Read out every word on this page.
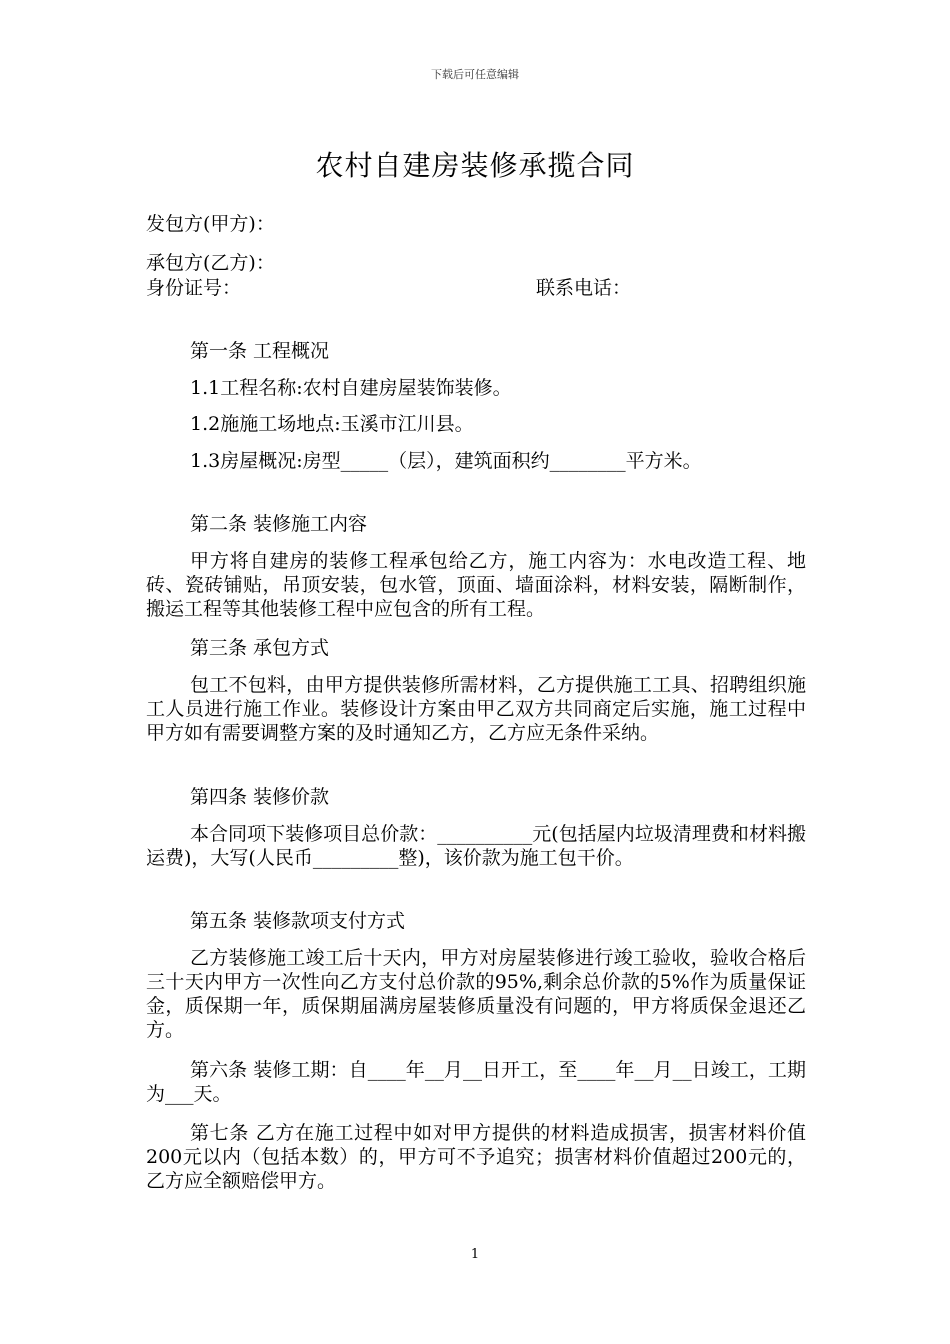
下载后可任意编辑
农村自建房装修承揽合同
发包方(甲方)：
承包方(乙方)：
身份证号：	联系电话：
第一条 工程概况
1.1工程名称:农村自建房屋装饰装修。
1.2施施工场地点:玉溪市江川县。
1.3房屋概况:房型_____（层），建筑面积约________平方米。
第二条 装修施工内容
甲方将自建房的装修工程承包给乙方，施工内容为：水电改造工程、地砖、瓷砖铺贴，吊顶安装，包水管，顶面、墙面涂料，材料安装，隔断制作，搬运工程等其他装修工程中应包含的所有工程。
第三条 承包方式
包工不包料，由甲方提供装修所需材料，乙方提供施工工具、招聘组织施工人员进行施工作业。装修设计方案由甲乙双方共同商定后实施，施工过程中甲方如有需要调整方案的及时通知乙方，乙方应无条件采纳。
第四条 装修价款
本合同项下装修项目总价款：__________元(包括屋内垃圾清理费和材料搬运费)，大写(人民币_________整)，该价款为施工包干价。
第五条 装修款项支付方式
乙方装修施工竣工后十天内，甲方对房屋装修进行竣工验收，验收合格后三十天内甲方一次性向乙方支付总价款的95%,剩余总价款的5%作为质量保证金，质保期一年，质保期届满房屋装修质量没有问题的，甲方将质保金退还乙方。
第六条 装修工期：自____年__月__日开工，至____年__月__日竣工，工期为___天。
第七条 乙方在施工过程中如对甲方提供的材料造成损害，损害材料价值200元以内（包括本数）的，甲方可不予追究；损害材料价值超过200元的，乙方应全额赔偿甲方。
1
